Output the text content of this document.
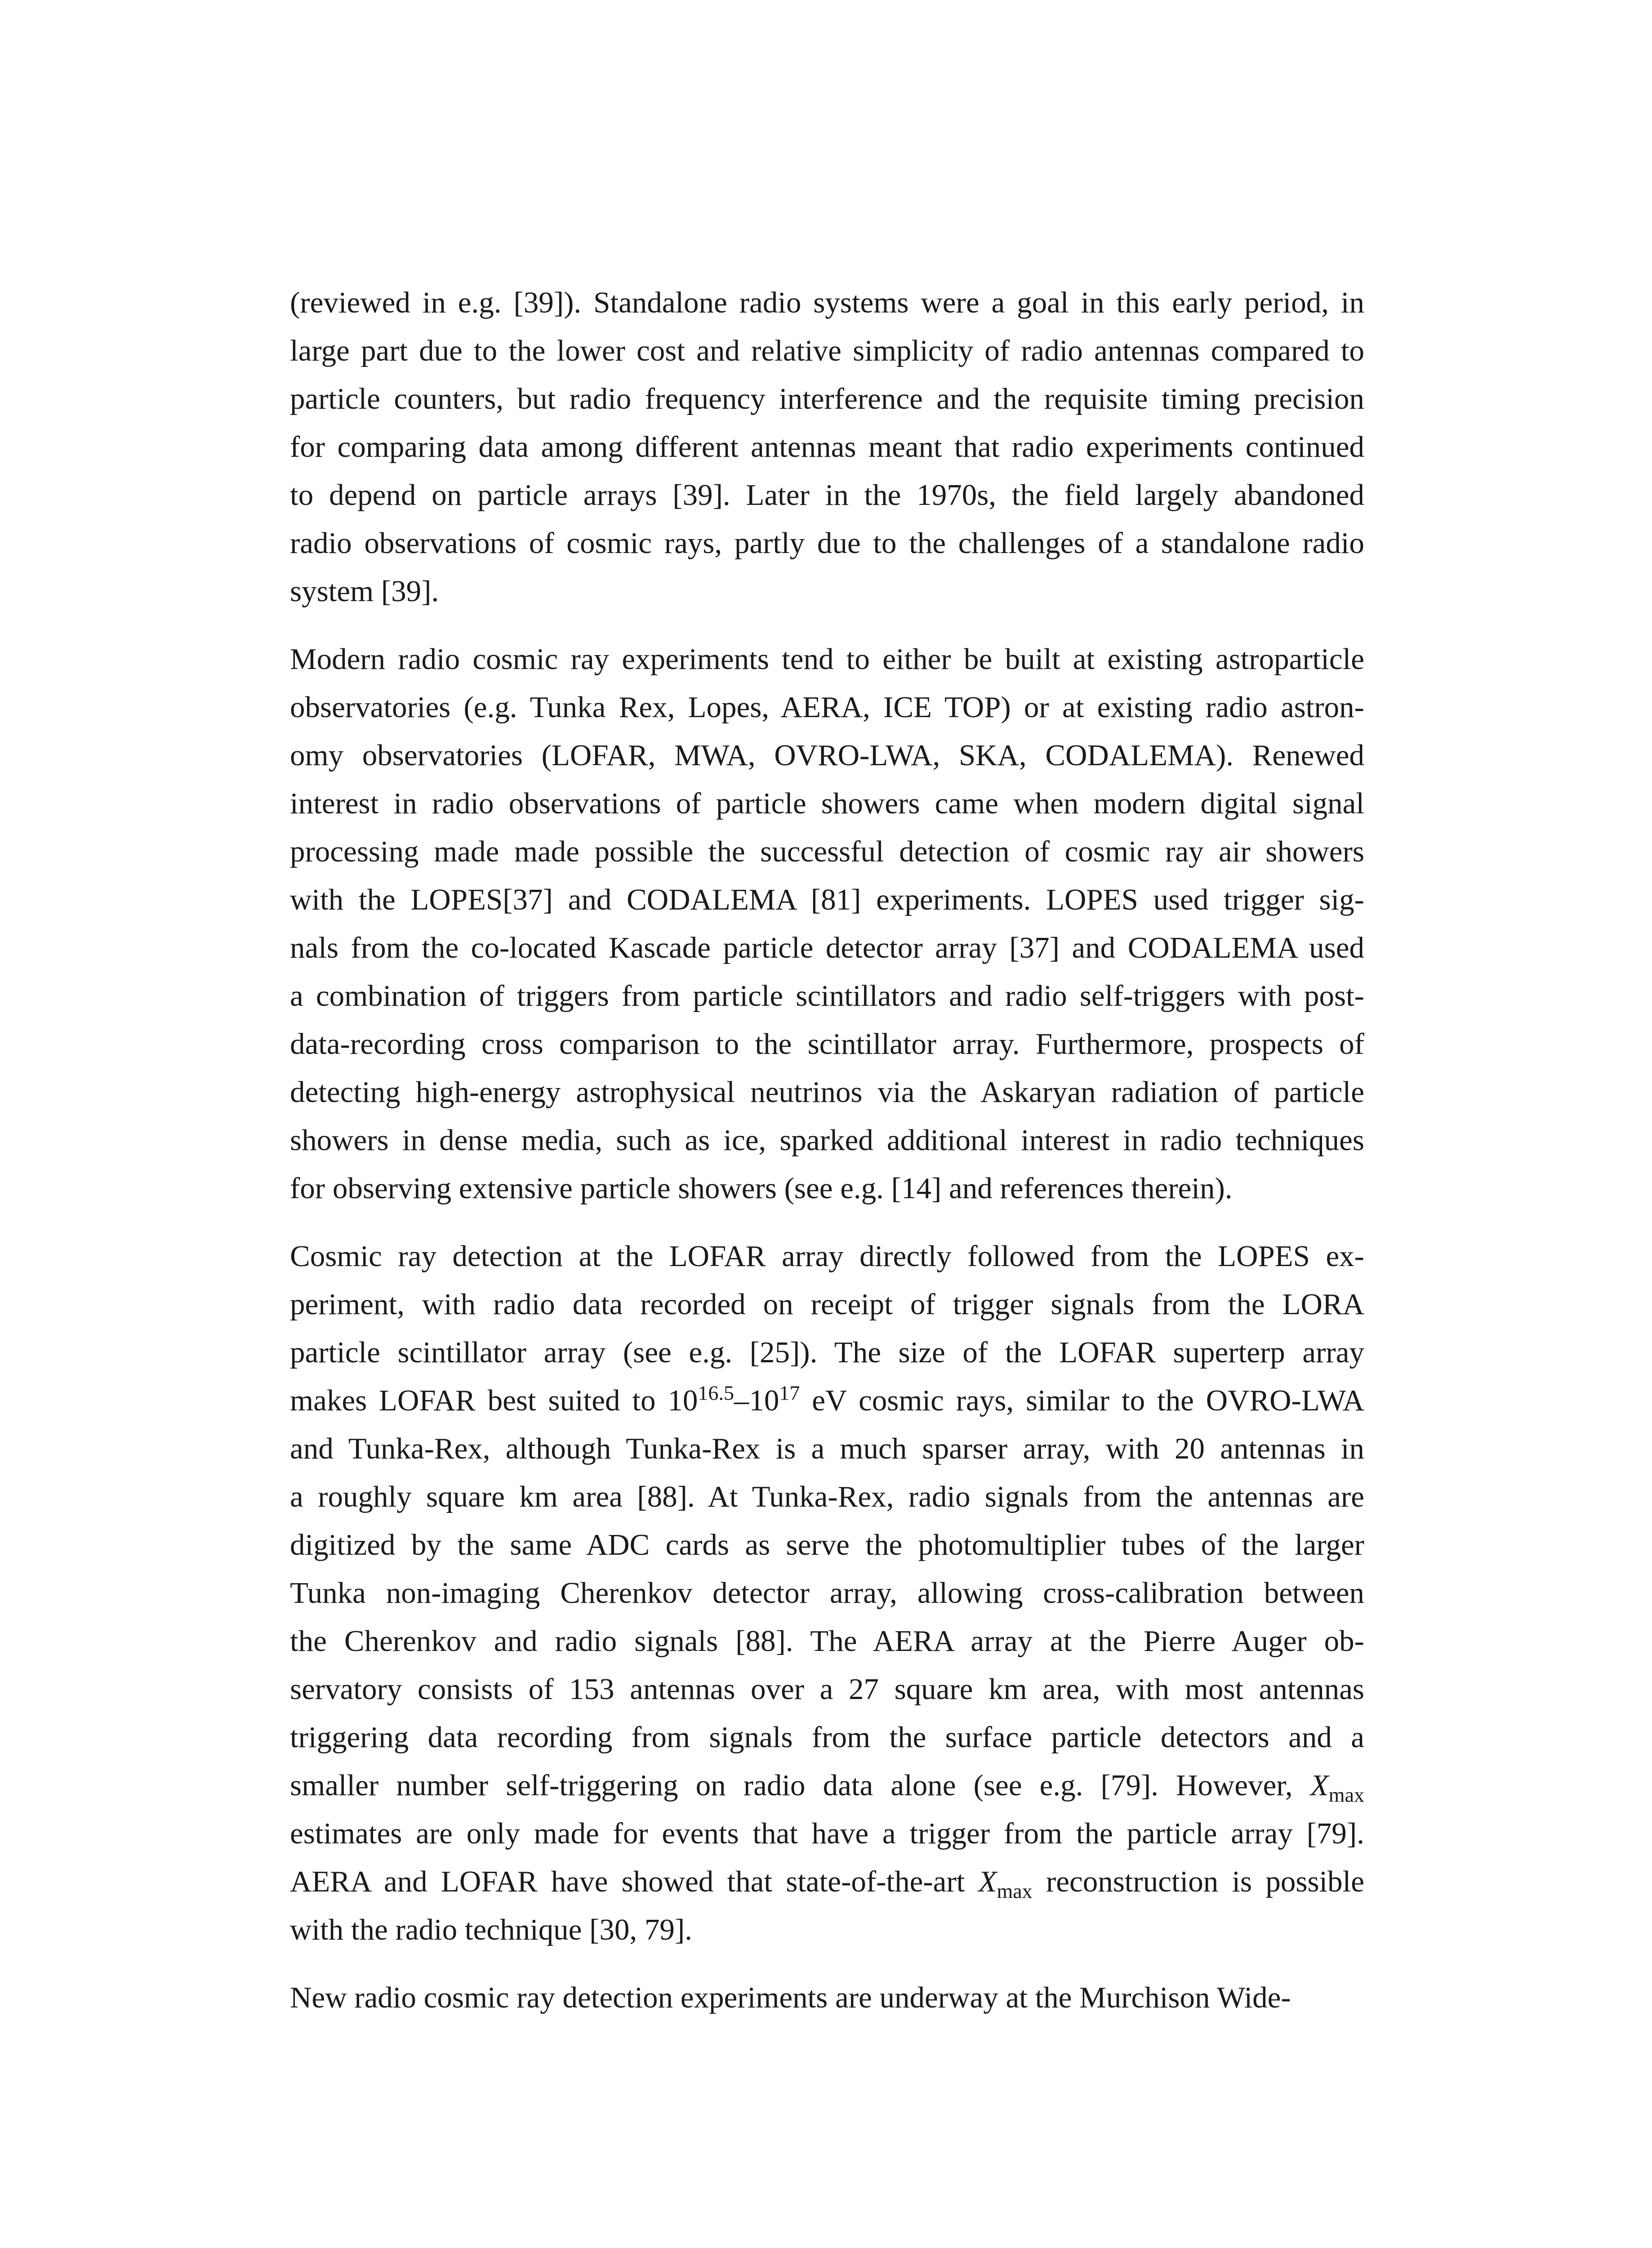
(reviewed in e.g. [39]). Standalone radio systems were a goal in this early period, in
large part due to the lower cost and relative simplicity of radio antennas compared to
particle counters, but radio frequency interference and the requisite timing precision
for comparing data among different antennas meant that radio experiments continued
to depend on particle arrays [39]. Later in the 1970s, the field largely abandoned
radio observations of cosmic rays, partly due to the challenges of a standalone radio
system [39].
Modern radio cosmic ray experiments tend to either be built at existing astroparticle
observatories (e.g. Tunka Rex, Lopes, AERA, ICE TOP) or at existing radio astron-
omy observatories (LOFAR, MWA, OVRO-LWA, SKA, CODALEMA). Renewed
interest in radio observations of particle showers came when modern digital signal
processing made made possible the successful detection of cosmic ray air showers
with the LOPES[37] and CODALEMA [81] experiments. LOPES used trigger sig-
nals from the co-located Kascade particle detector array [37] and CODALEMA used
a combination of triggers from particle scintillators and radio self-triggers with post-
data-recording cross comparison to the scintillator array. Furthermore, prospects of
detecting high-energy astrophysical neutrinos via the Askaryan radiation of particle
showers in dense media, such as ice, sparked additional interest in radio techniques
for observing extensive particle showers (see e.g. [14] and references therein).
Cosmic ray detection at the LOFAR array directly followed from the LOPES ex-
periment, with radio data recorded on receipt of trigger signals from the LORA
particle scintillator array (see e.g. [25]). The size of the LOFAR superterp array
makes LOFAR best suited to $10^{16.5}-10^{17}$ eV cosmic rays, similar to the OVRO-LWA
and Tunka-Rex, although Tunka-Rex is a much sparser array, with 20 antennas in
a roughly square km area [88]. At Tunka-Rex, radio signals from the antennas are
digitized by the same ADC cards as serve the photomultiplier tubes of the larger
Tunka non-imaging Cherenkov detector array, allowing cross-calibration between
the Cherenkov and radio signals [88]. The AERA array at the Pierre Auger ob-
servatory consists of 153 antennas over a 27 square km area, with most antennas
triggering data recording from signals from the surface particle detectors and a
smaller number self-triggering on radio data alone (see e.g. [79]. However, $X_{max}$
estimates are only made for events that have a trigger from the particle array [79].
AERA and LOFAR have showed that state-of-the-art $X_{max}$ reconstruction is possible
with the radio technique [30, 79].
New radio cosmic ray detection experiments are underway at the Murchison Wide-
